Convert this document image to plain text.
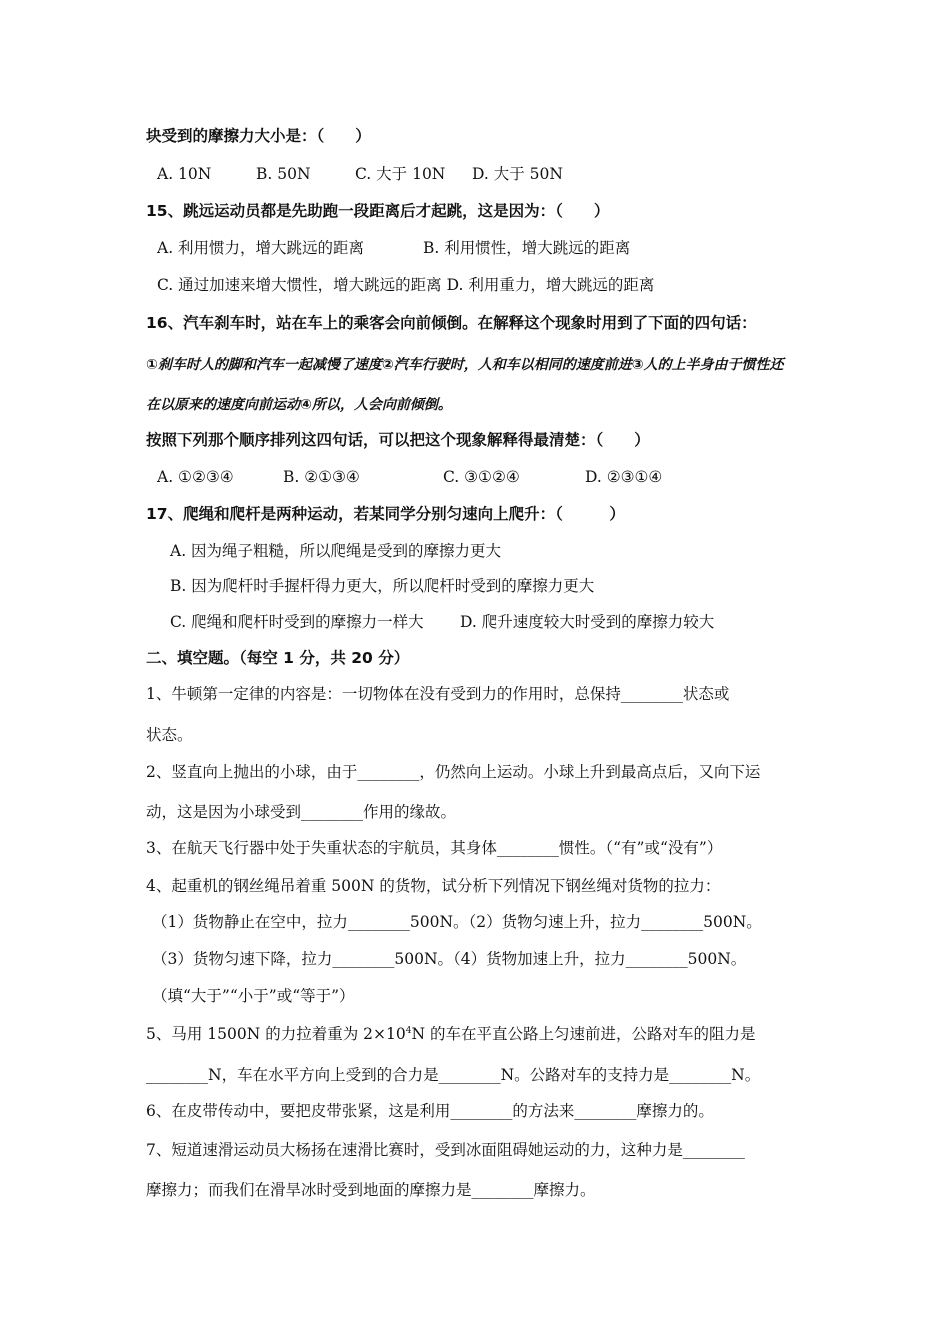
块受到的摩擦力大小是：（　　）
A. 10N	B. 50N	C. 大于 10N D. 大于 50N
15、跳远运动员都是先助跑一段距离后才起跳，这是因为：（　　）
A. 利用惯力，增大跳远的距离	B. 利用惯性，增大跳远的距离
C. 通过加速来增大惯性，增大跳远的距离 D. 利用重力，增大跳远的距离
16、汽车刹车时，站在车上的乘客会向前倾倒。在解释这个现象时用到了下面的四句话：
①刹车时人的脚和汽车一起减慢了速度②汽车行驶时，人和车以相同的速度前进③人的上半身由于惯性还
在以原来的速度向前运动④所以，人会向前倾倒。
按照下列那个顺序排列这四句话，可以把这个现象解释得最清楚：（　　）
A. ①②③④	B. ②①③④	C. ③①②④	D. ②③①④
17、爬绳和爬杆是两种运动，若某同学分别匀速向上爬升：（　　　）
A. 因为绳子粗糙，所以爬绳是受到的摩擦力更大
B. 因为爬杆时手握杆得力更大，所以爬杆时受到的摩擦力更大
C. 爬绳和爬杆时受到的摩擦力一样大 D. 爬升速度较大时受到的摩擦力较大
二、填空题。（每空 1 分，共 20 分）
1、牛顿第一定律的内容是：一切物体在没有受到力的作用时，总保持________状态或
状态。
2、竖直向上抛出的小球，由于________，仍然向上运动。小球上升到最高点后，又向下运
动，这是因为小球受到________作用的缘故。
3、在航天飞行器中处于失重状态的宇航员，其身体________惯性。（“有”或“没有”）
4、起重机的钢丝绳吊着重 500N 的货物，试分析下列情况下钢丝绳对货物的拉力：
（1）货物静止在空中，拉力________500N。（2）货物匀速上升，拉力________500N。
（3）货物匀速下降，拉力________500N。（4）货物加速上升，拉力________500N。
（填“大于”“小于”或“等于”）
5、马用 1500N 的力拉着重为 $2\times 10^4N$ 的车在平直公路上匀速前进，公路对车的阻力是
________N，车在水平方向上受到的合力是________N。公路对车的支持力是________N。
6、在皮带传动中，要把皮带张紧，这是利用________的方法来________摩擦力的。
7、短道速滑运动员大杨扬在速滑比赛时，受到冰面阻碍她运动的力，这种力是________
摩擦力；而我们在滑旱冰时受到地面的摩擦力是________摩擦力。
